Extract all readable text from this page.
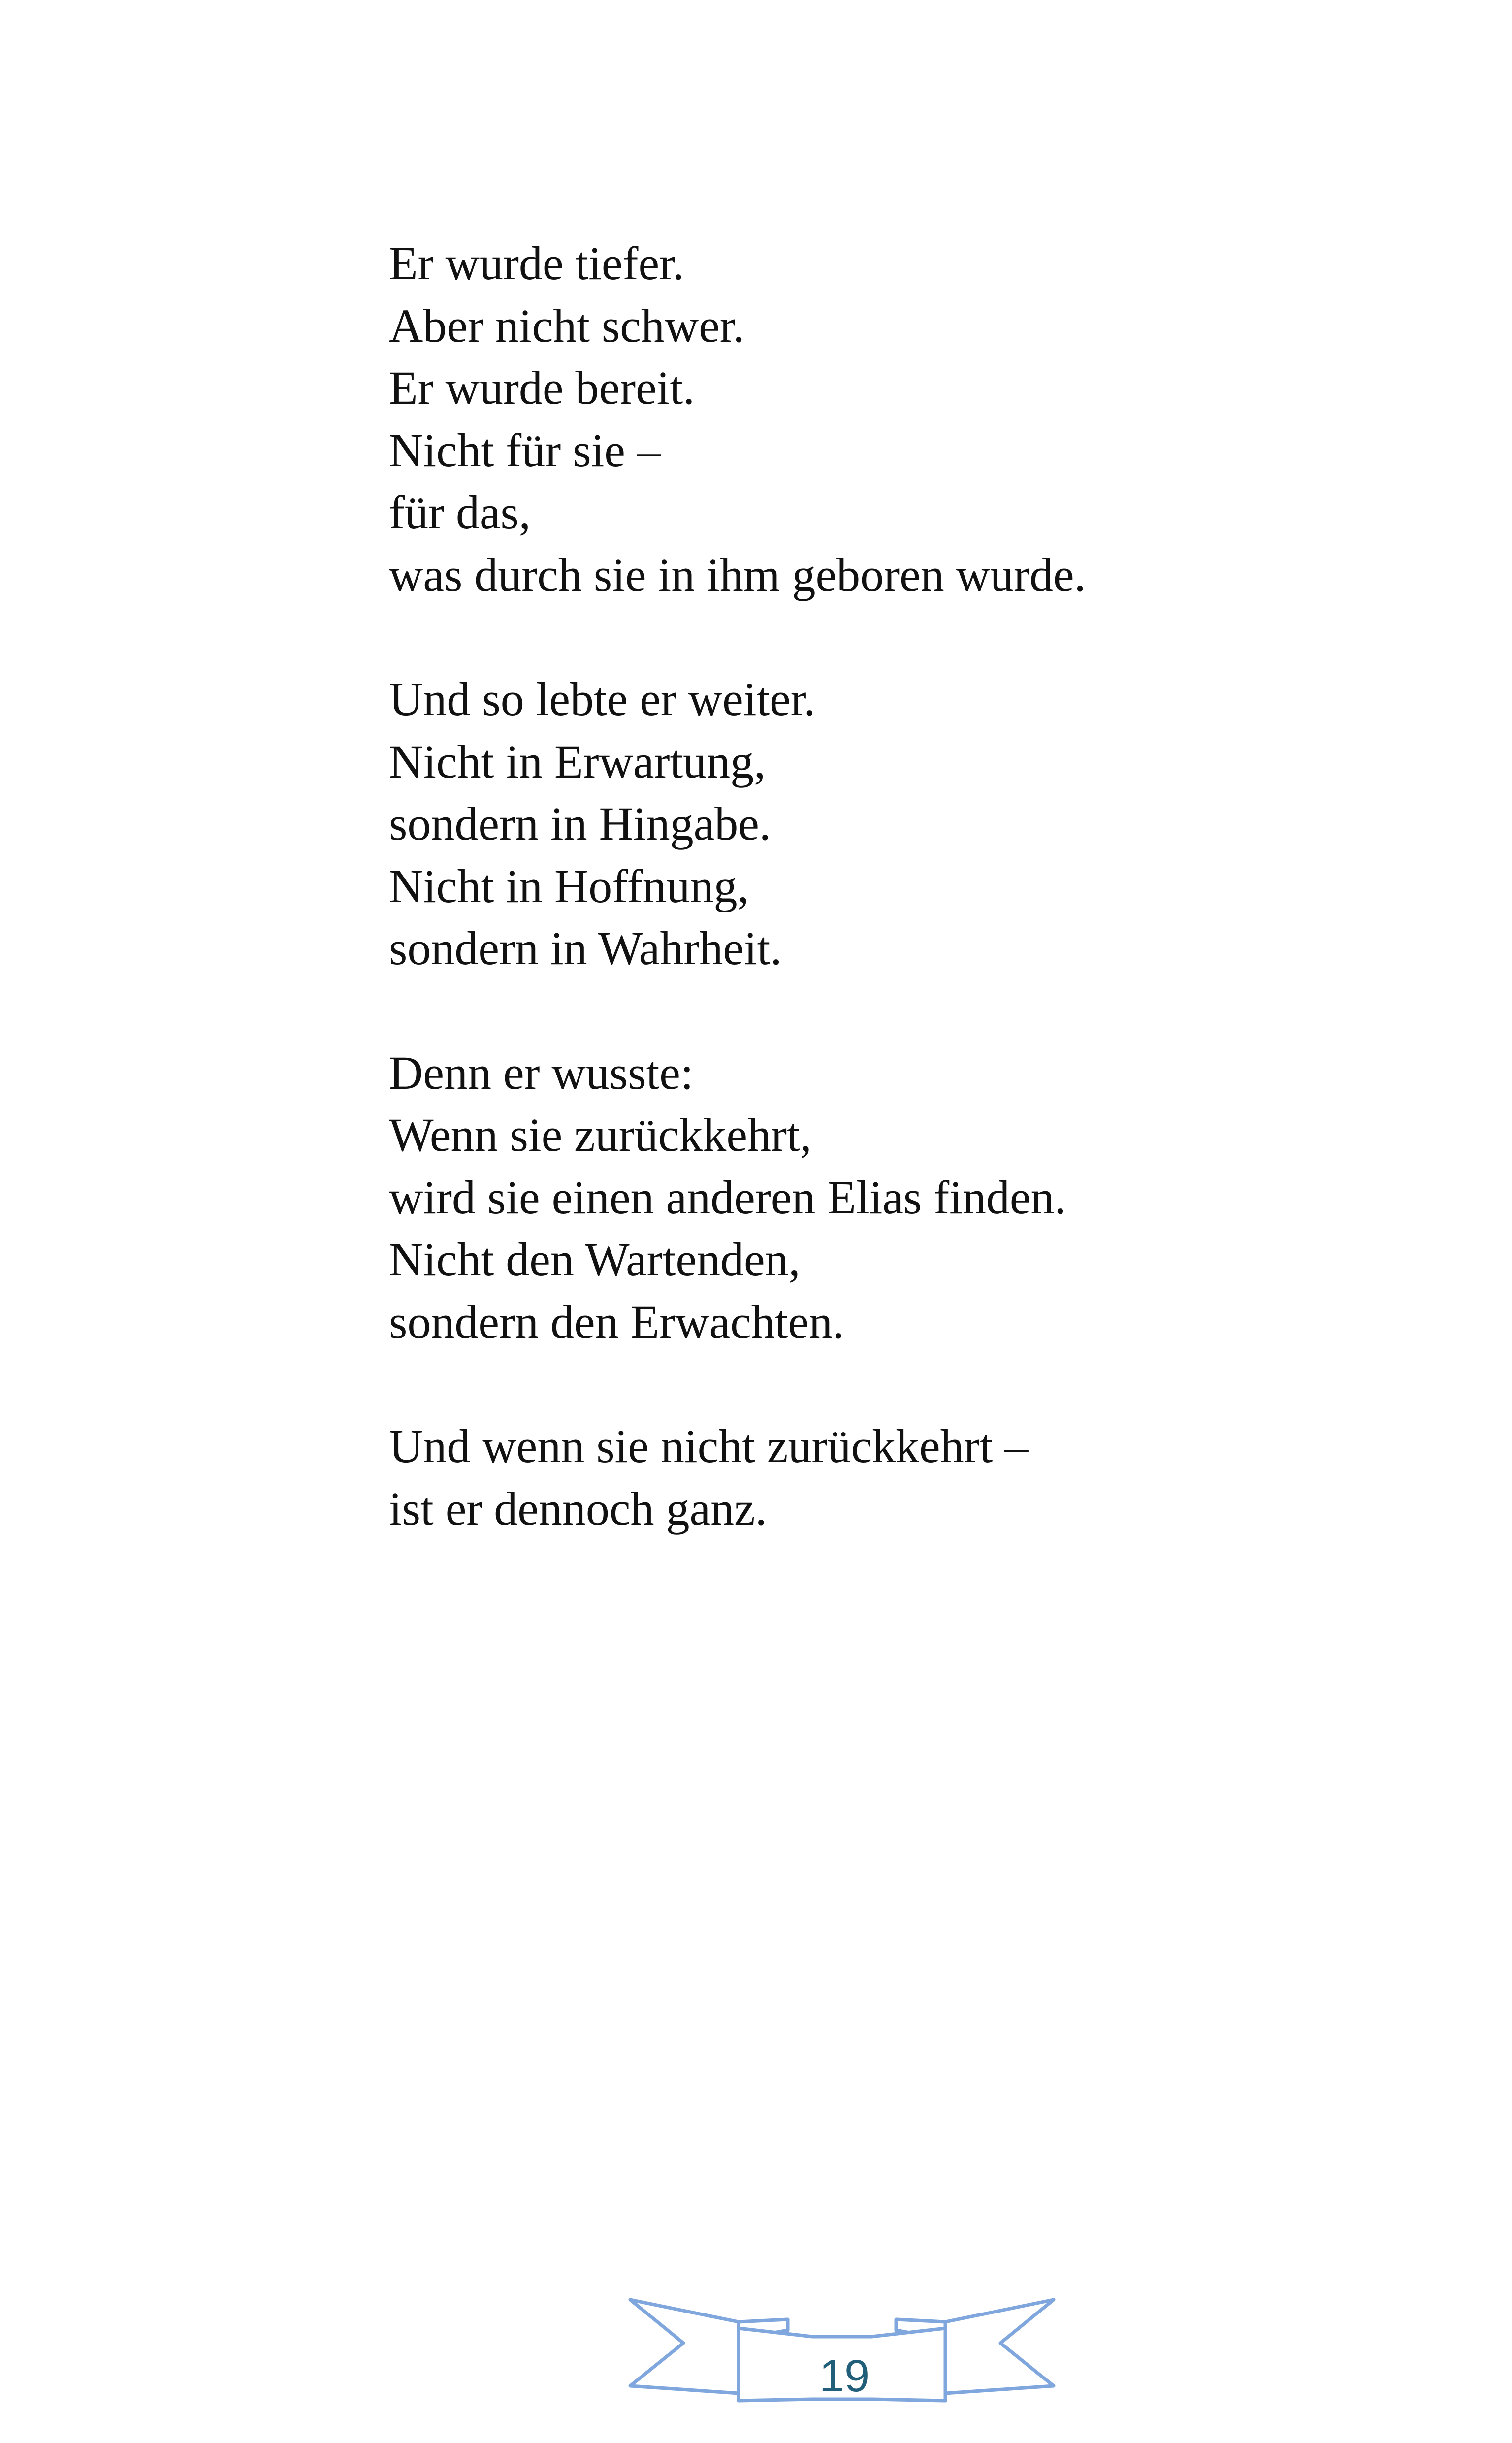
Er wurde tiefer.
Aber nicht schwer.
Er wurde bereit.
Nicht für sie –
für das,
was durch sie in ihm geboren wurde.
Und so lebte er weiter.
Nicht in Erwartung,
sondern in Hingabe.
Nicht in Hoffnung,
sondern in Wahrheit.
Denn er wusste:
Wenn sie zurückkehrt,
wird sie einen anderen Elias finden.
Nicht den Wartenden,
sondern den Erwachten.
Und wenn sie nicht zurückkehrt –
ist er dennoch ganz.
19
